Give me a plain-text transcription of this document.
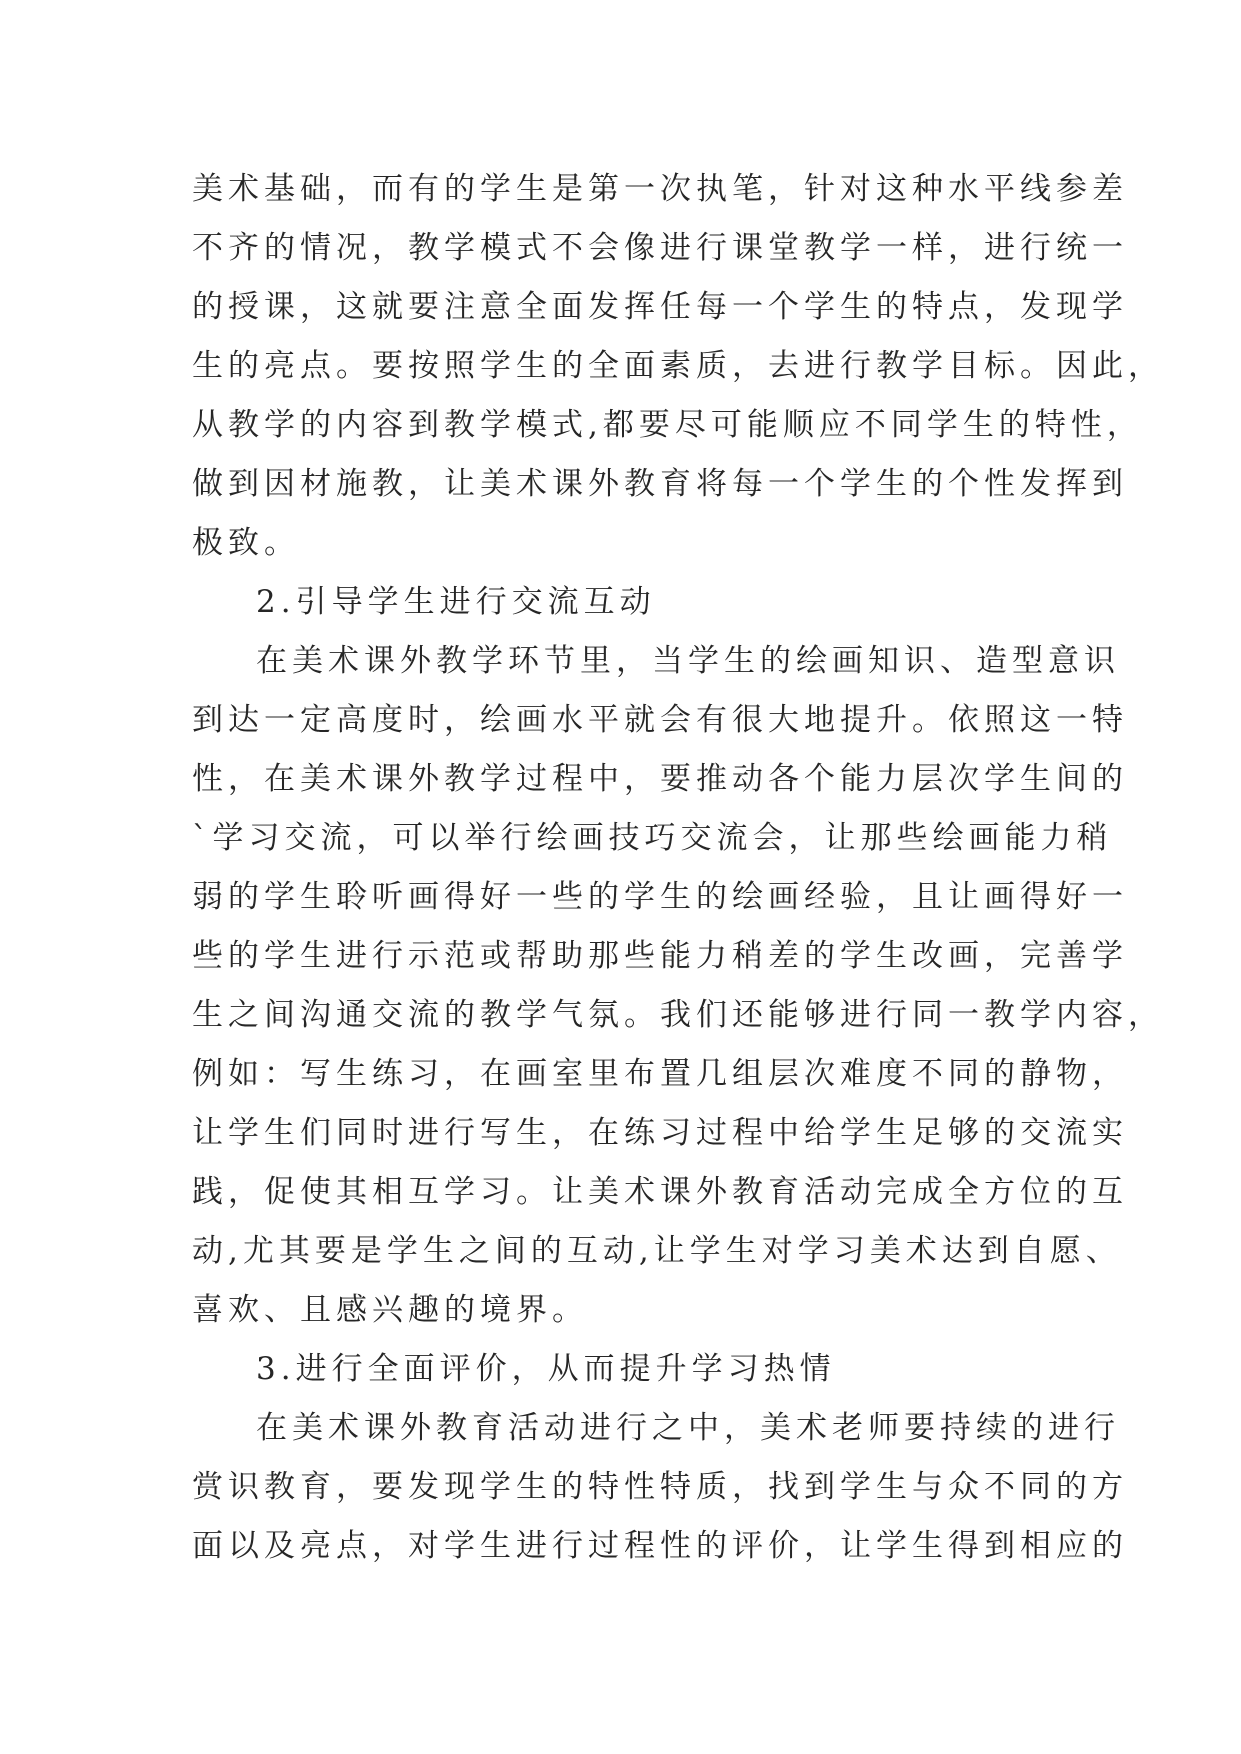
美术基础，而有的学生是第一次执笔，针对这种水平线参差
不齐的情况，教学模式不会像进行课堂教学一样，进行统一
的授课，这就要注意全面发挥任每一个学生的特点，发现学
生的亮点。要按照学生的全面素质，去进行教学目标。因此，
从教学的内容到教学模式,都要尽可能顺应不同学生的特性，
做到因材施教，让美术课外教育将每一个学生的个性发挥到
极致。
2.引导学生进行交流互动
在美术课外教学环节里，当学生的绘画知识、造型意识
到达一定高度时，绘画水平就会有很大地提升。依照这一特
性，在美术课外教学过程中，要推动各个能力层次学生间的
`学习交流，可以举行绘画技巧交流会，让那些绘画能力稍
弱的学生聆听画得好一些的学生的绘画经验，且让画得好一
些的学生进行示范或帮助那些能力稍差的学生改画，完善学
生之间沟通交流的教学气氛。我们还能够进行同一教学内容，
例如：写生练习，在画室里布置几组层次难度不同的静物，
让学生们同时进行写生，在练习过程中给学生足够的交流实
践，促使其相互学习。让美术课外教育活动完成全方位的互
动,尤其要是学生之间的互动,让学生对学习美术达到自愿、
喜欢、且感兴趣的境界。
3.进行全面评价，从而提升学习热情
在美术课外教育活动进行之中，美术老师要持续的进行
赏识教育，要发现学生的特性特质，找到学生与众不同的方
面以及亮点，对学生进行过程性的评价，让学生得到相应的
